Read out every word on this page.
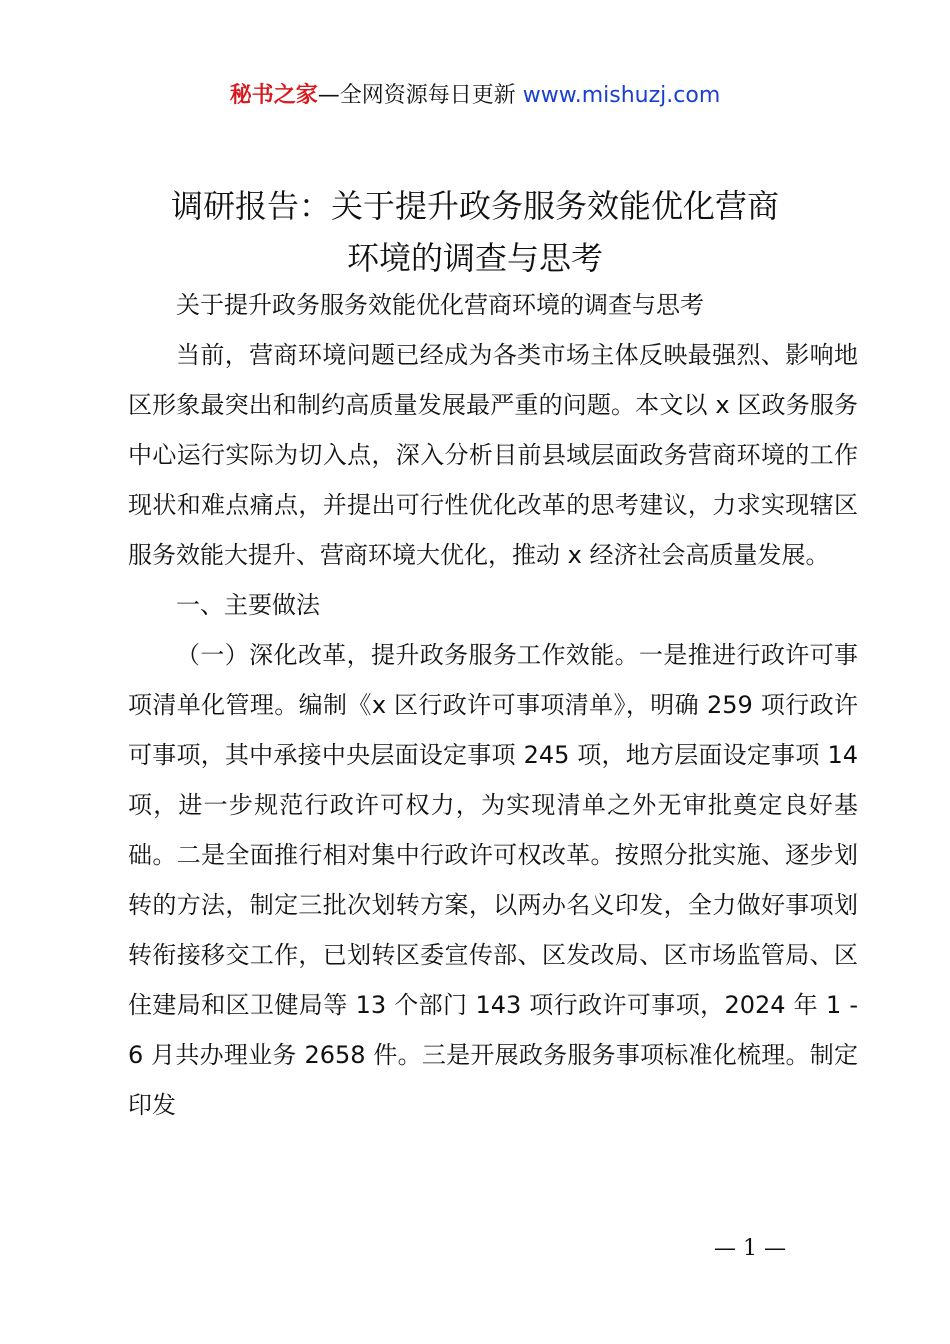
秘书之家—全网资源每日更新 www.mishuzj.com
调研报告：关于提升政务服务效能优化营商
环境的调查与思考

关于提升政务服务效能优化营商环境的调查与思考

当前，营商环境问题已经成为各类市场主体反映最强烈、影响地区形象最突出和制约高质量发展最严重的问题。本文以 x 区政务服务中心运行实际为切入点，深入分析目前县域层面政务营商环境的工作现状和难点痛点，并提出可行性优化改革的思考建议，力求实现辖区服务效能大提升、营商环境大优化，推动 x 经济社会高质量发展。

一、主要做法

（一）深化改革，提升政务服务工作效能。一是推进行政许可事项清单化管理。编制《x 区行政许可事项清单》，明确 259 项行政许可事项，其中承接中央层面设定事项 245 项，地方层面设定事项 14 项，进一步规范行政许可权力，为实现清单之外无审批奠定良好基础。二是全面推行相对集中行政许可权改革。按照分批实施、逐步划转的方法，制定三批次划转方案，以两办名义印发，全力做好事项划转衔接移交工作，已划转区委宣传部、区发改局、区市场监管局、区住建局和区卫健局等 13 个部门 143 项行政许可事项，2024 年 1 - 6 月共办理业务 2658 件。三是开展政务服务事项标准化梳理。制定印发

— 1 —
